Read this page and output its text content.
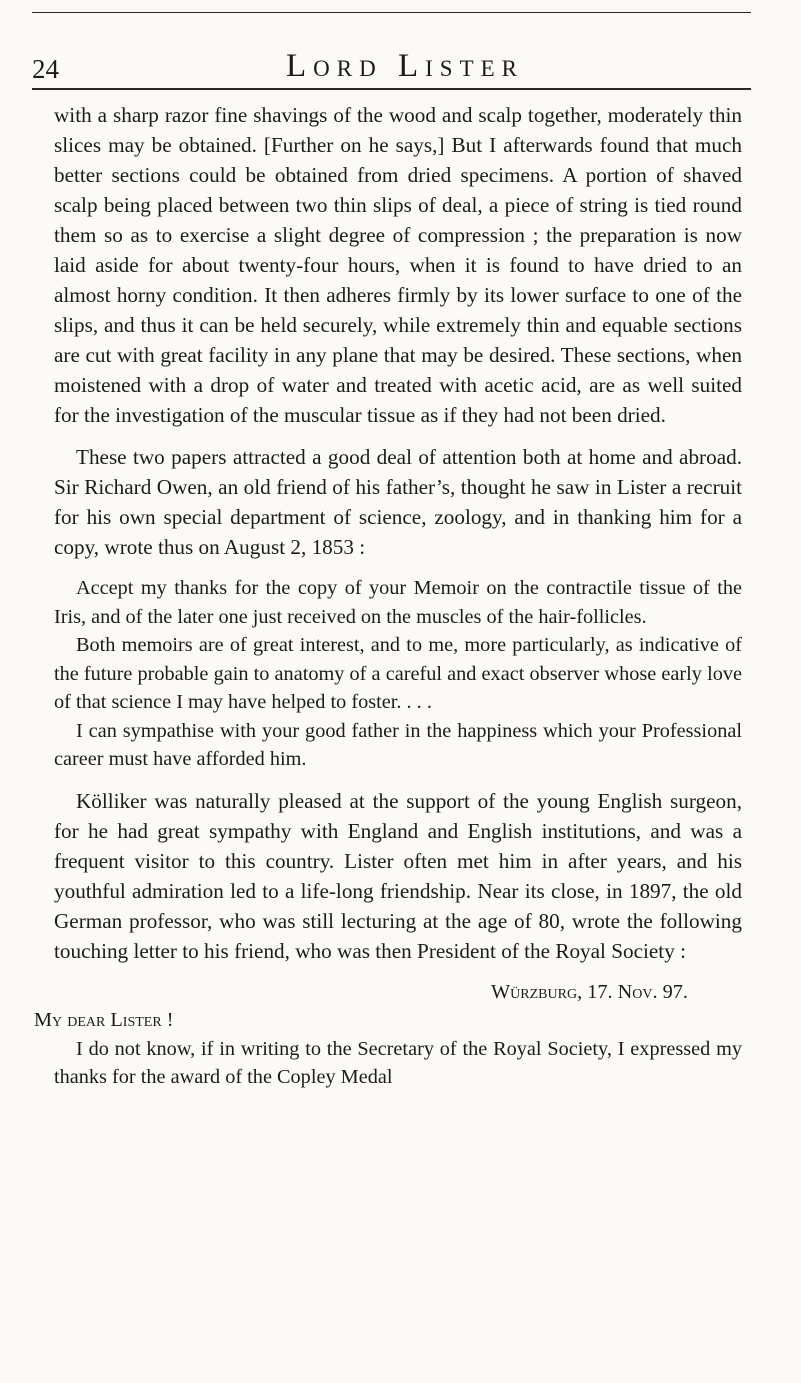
24	Lord Lister

with a sharp razor fine shavings of the wood and scalp together, moderately thin slices may be obtained. [Further on he says,] But I afterwards found that much better sections could be obtained from dried specimens. A portion of shaved scalp being placed between two thin slips of deal, a piece of string is tied round them so as to exercise a slight degree of compression ; the preparation is now laid aside for about twenty-four hours, when it is found to have dried to an almost horny condition. It then adheres firmly by its lower surface to one of the slips, and thus it can be held securely, while extremely thin and equable sections are cut with great facility in any plane that may be desired. These sections, when moistened with a drop of water and treated with acetic acid, are as well suited for the investigation of the muscular tissue as if they had not been dried.

These two papers attracted a good deal of attention both at home and abroad. Sir Richard Owen, an old friend of his father’s, thought he saw in Lister a recruit for his own special department of science, zoology, and in thanking him for a copy, wrote thus on August 2, 1853 :

Accept my thanks for the copy of your Memoir on the contractile tissue of the Iris, and of the later one just received on the muscles of the hair-follicles.

Both memoirs are of great interest, and to me, more particularly, as indicative of the future probable gain to anatomy of a careful and exact observer whose early love of that science I may have helped to foster. . . .

I can sympathise with your good father in the happiness which your Professional career must have afforded him.

Kölliker was naturally pleased at the support of the young English surgeon, for he had great sympathy with England and English institutions, and was a frequent visitor to this country. Lister often met him in after years, and his youthful admiration led to a life-long friendship. Near its close, in 1897, the old German professor, who was still lecturing at the age of 80, wrote the following touching letter to his friend, who was then President of the Royal Society :

Würzburg, 17. Nov. 97.
My dear Lister !

I do not know, if in writing to the Secretary of the Royal Society, I expressed my thanks for the award of the Copley Medal
